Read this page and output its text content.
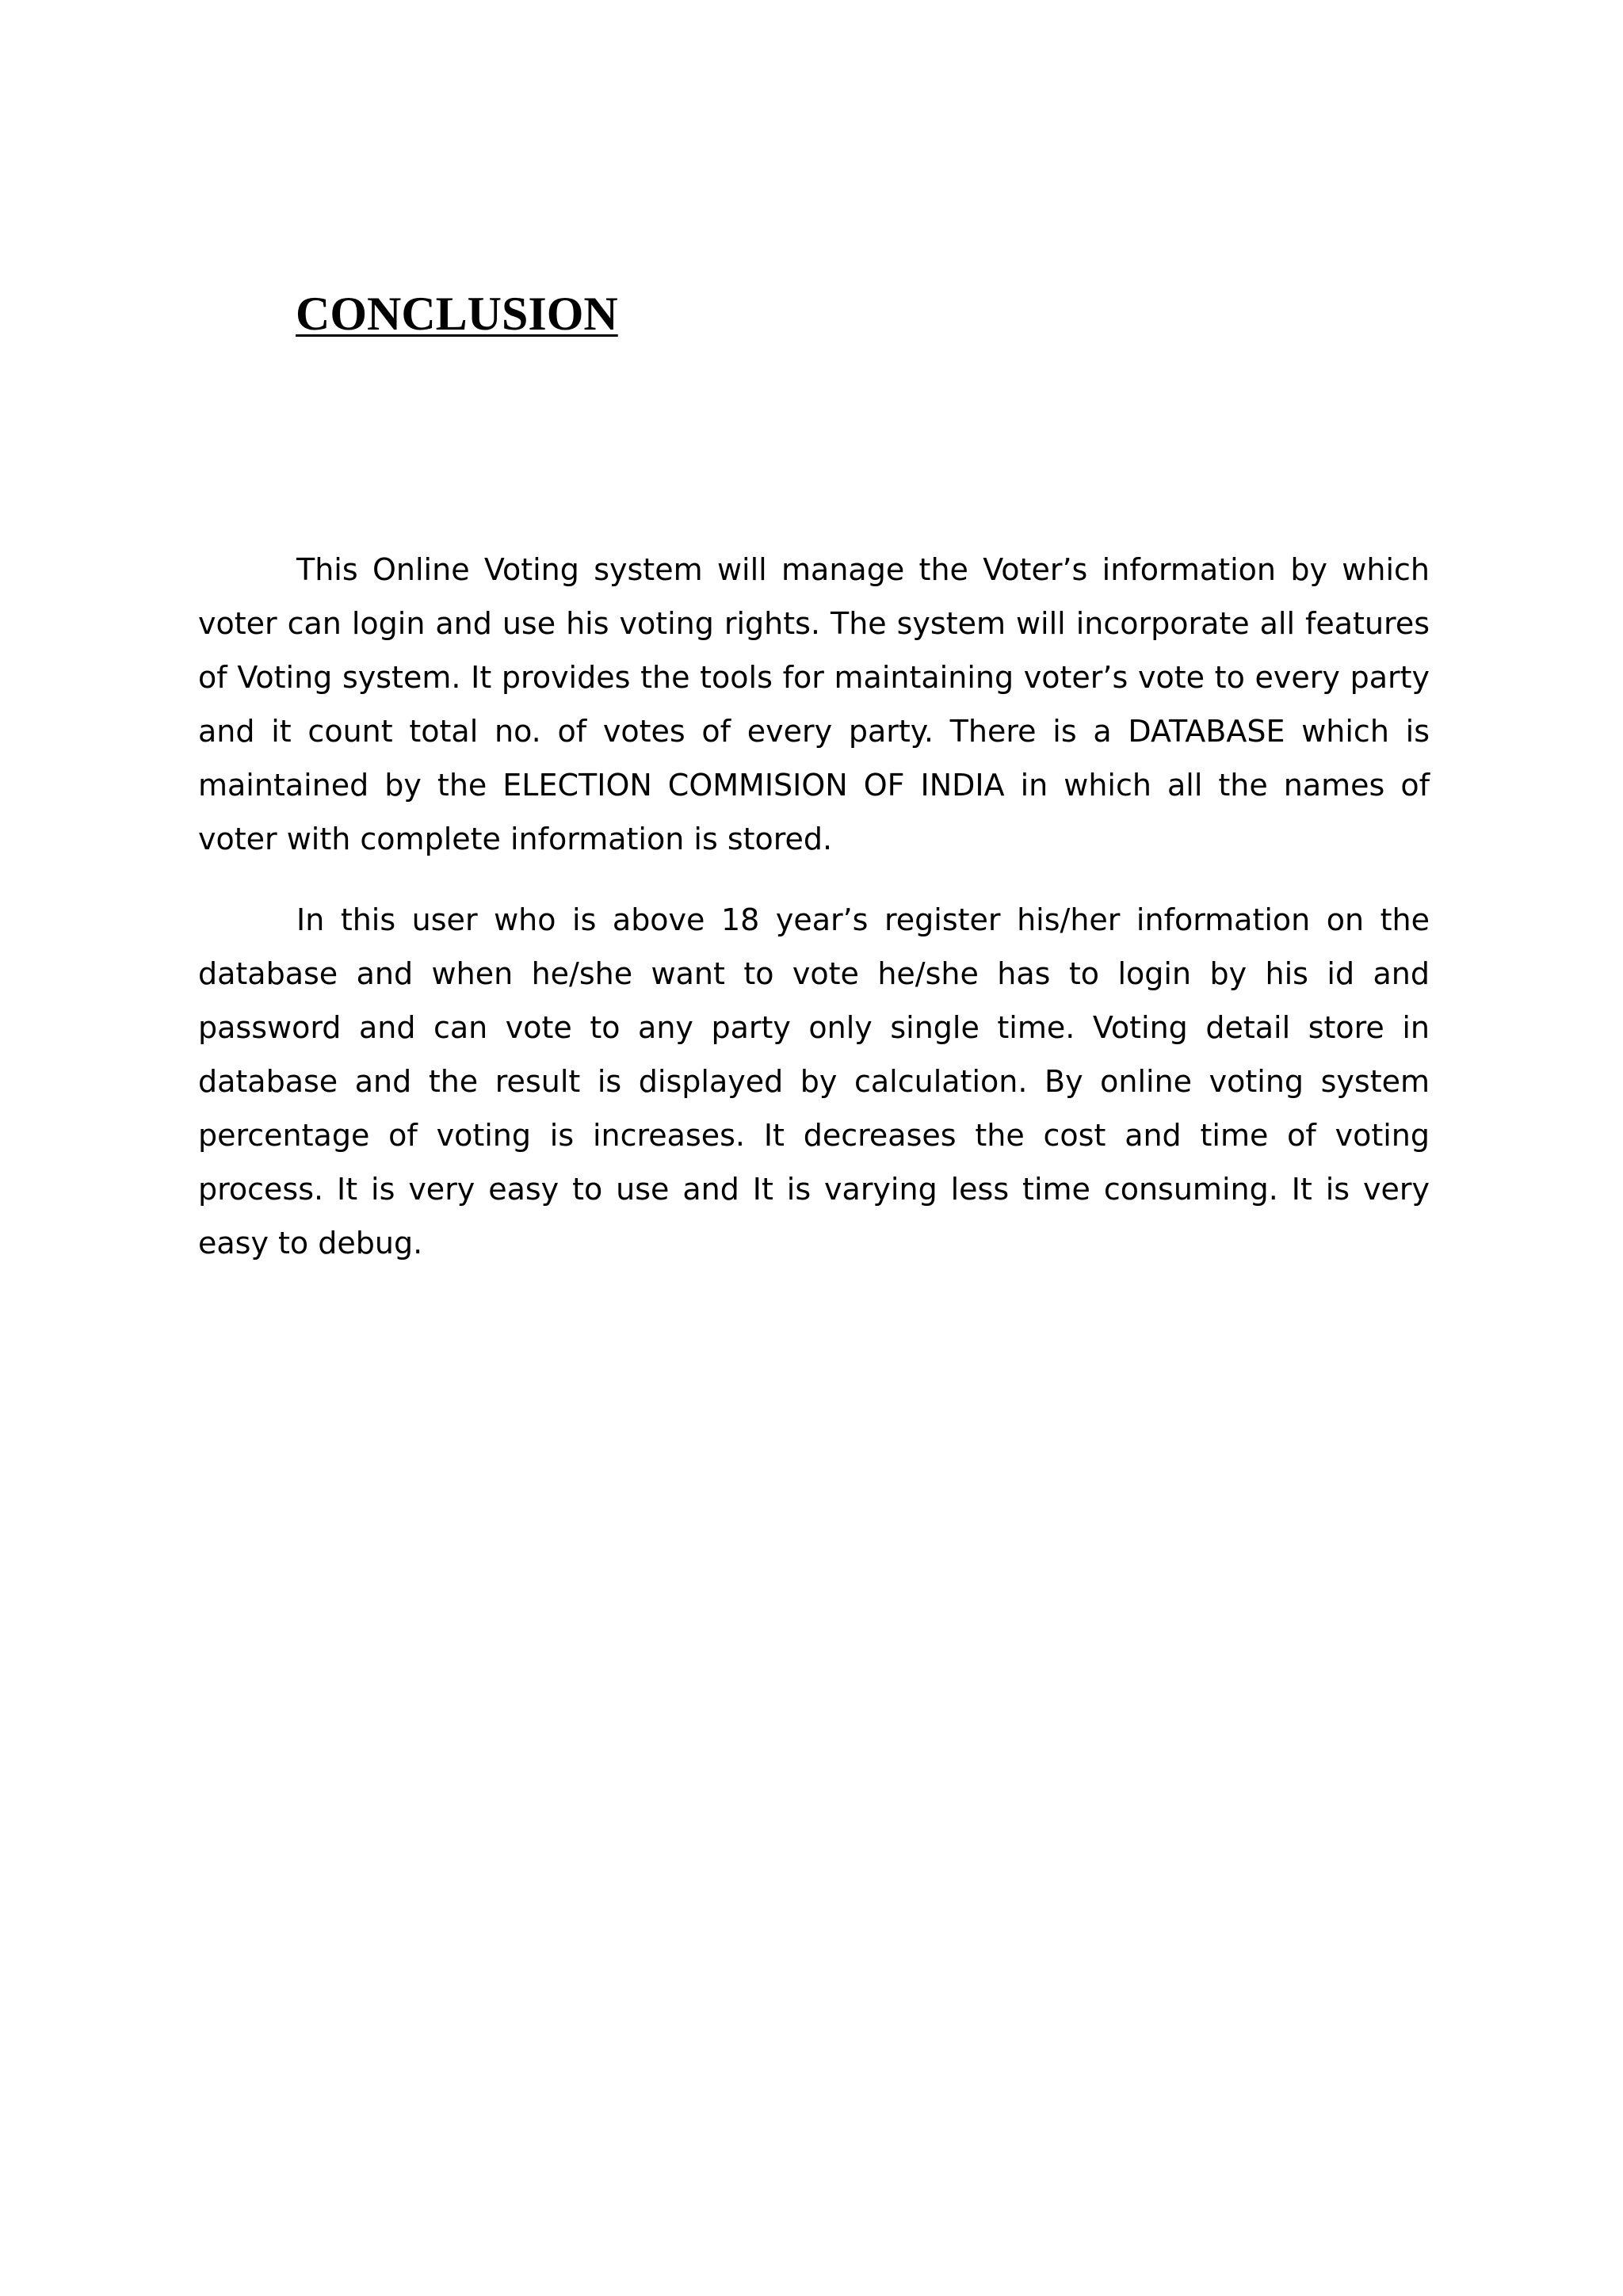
CONCLUSION

This Online Voting system will manage the Voter’s information by which voter can login and use his voting rights. The system will incorporate all features of Voting system. It provides the tools for maintaining voter’s vote to every party and it count total no. of votes of every party. There is a DATABASE which is maintained by the ELECTION COMMISION OF INDIA in which all the names of voter with complete information is stored.

In this user who is above 18 year’s register his/her information on the database and when he/she want to vote he/she has to login by his id and password and can vote to any party only single time. Voting detail store in database and the result is displayed by calculation. By online voting system percentage of voting is increases. It decreases the cost and time of voting process. It is very easy to use and It is varying less time consuming. It is very easy to debug.
